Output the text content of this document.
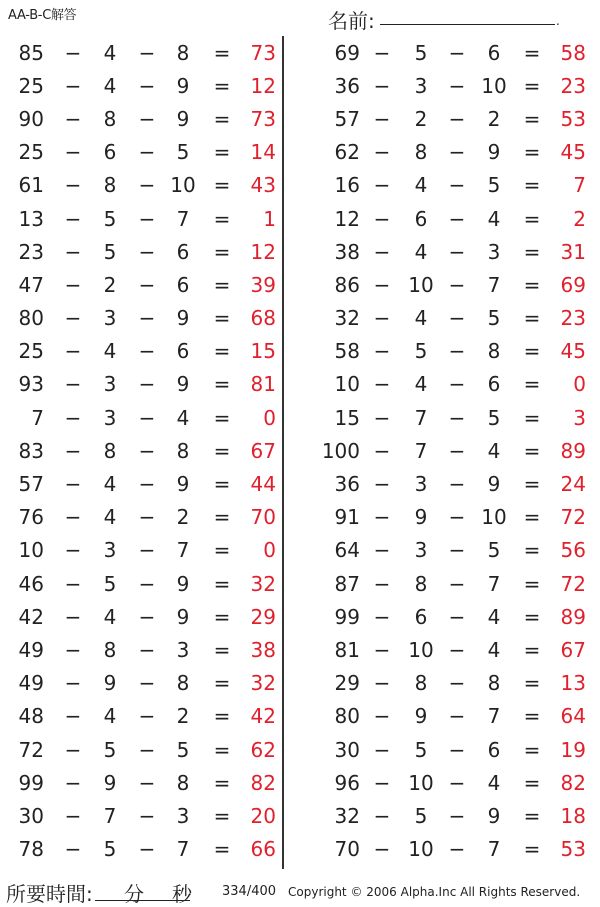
AA-B-C解答	名前:	.
85 −	4	−	8	=	73
25 −	4	−	9	=	12
90 −	8	−	9	=	73
25 −	6	−	5	=	14
61 −	8	− 10 =	43
13 −	5	−	7	=	1
23 −	5	−	6	=	12
47 −	2	−	6	=	39
80 −	3	−	9	=	68
25 −	4	−	6	=	15
93 −	3	−	9	=	81
7 −	3	−	4	=	0
83 −	8	−	8	=	67
57 −	4	−	9	=	44
76 −	4	−	2	=	70
10 −	3	−	7	=	0
46 −	5	−	9	=	32
42 −	4	−	9	=	29
49 −	8	−	3	=	38
49 −	9	−	8	=	32
48 −	4	−	2	=	42
72 −	5	−	5	=	62
99 −	9	−	8	=	82
30 −	7	−	3	=	20
78 −	5	−	7	=	66
69 −	5	−	6	=	58
36 −	3	− 10 =	23
57 −	2	−	2	=	53
62 −	8	−	9	=	45
16 −	4	−	5	=	7
12 −	6	−	4	=	2
38 −	4	−	3	=	31
86 − 10 −	7	=	69
32 −	4	−	5	=	23
58 −	5	−	8	=	45
10 −	4	−	6	=	0
15 −	7	−	5	=	3
100 −	7	−	4	=	89
36 −	3	−	9	=	24
91 −	9	− 10 =	72
64 −	3	−	5	=	56
87 −	8	−	7	=	72
99 −	6	−	4	=	89
81 − 10 −	4	=	67
29 −	8	−	8	=	13
80 −	9	−	7	=	64
30 −	5	−	6	=	19
96 − 10 −	4	=	82
32 −	5	−	9	=	18
70 − 10 −	7	=	53
所要時間: 分 秒 334/400 Copyright © 2006 Alpha.Inc All Rights Reserved.
